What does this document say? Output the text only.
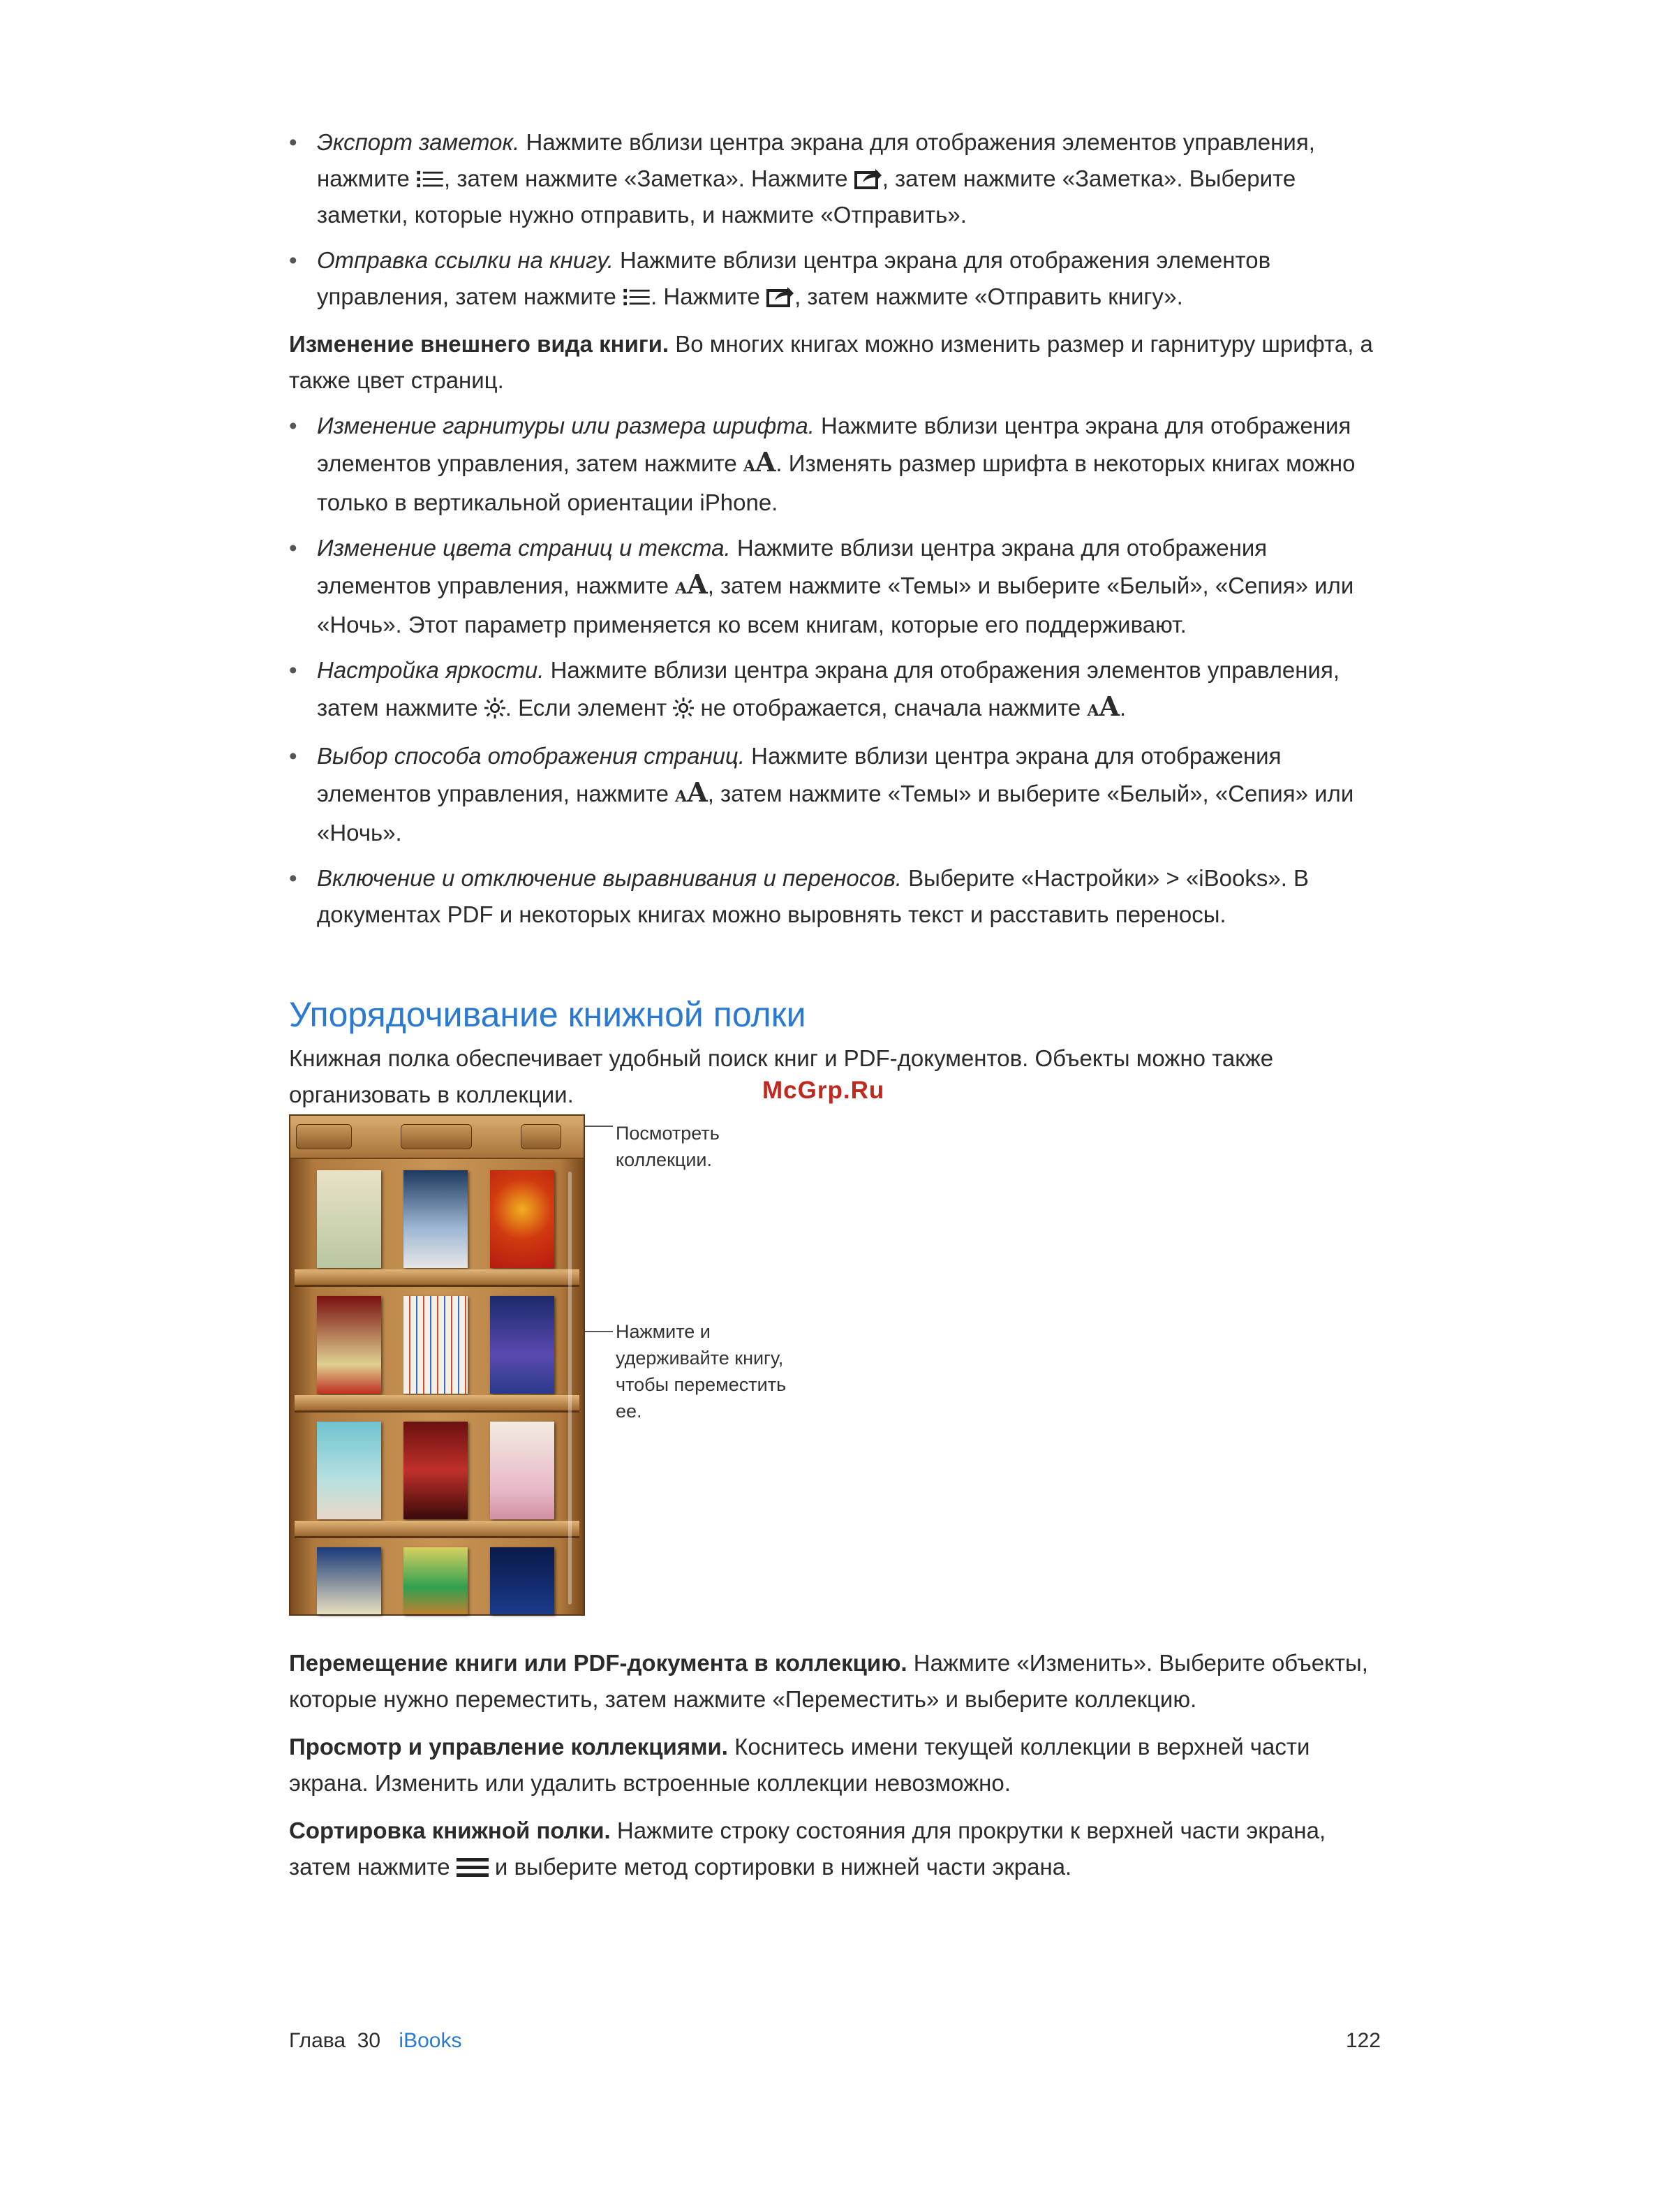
• Экспорт заметок. Нажмите вблизи центра экрана для отображения элементов управления, нажмите , затем нажмите «Заметка». Нажмите , затем нажмите «Заметка». Выберите заметки, которые нужно отправить, и нажмите «Отправить».

• Отправка ссылки на книгу. Нажмите вблизи центра экрана для отображения элементов управления, затем нажмите . Нажмите , затем нажмите «Отправить книгу».

Изменение внешнего вида книги. Во многих книгах можно изменить размер и гарнитуру шрифта, а также цвет страниц.

• Изменение гарнитуры или размера шрифта. Нажмите вблизи центра экрана для отображения элементов управления, затем нажмите AA. Изменять размер шрифта в некоторых книгах можно только в вертикальной ориентации iPhone.

• Изменение цвета страниц и текста. Нажмите вблизи центра экрана для отображения элементов управления, нажмите AA, затем нажмите «Темы» и выберите «Белый», «Сепия» или «Ночь». Этот параметр применяется ко всем книгам, которые его поддерживают.

• Настройка яркости. Нажмите вблизи центра экрана для отображения элементов управления, затем нажмите . Если элемент  не отображается, сначала нажмите AA.

• Выбор способа отображения страниц. Нажмите вблизи центра экрана для отображения элементов управления, нажмите AA, затем нажмите «Темы» и выберите «Белый», «Сепия» или «Ночь».

• Включение и отключение выравнивания и переносов. Выберите «Настройки» > «iBooks». В документах PDF и некоторых книгах можно выровнять текст и расставить переносы.

Упорядочивание книжной полки

Книжная полка обеспечивает удобный поиск книг и PDF-документов. Объекты можно также организовать в коллекции.	McGrp.Ru
Посмотреть коллекции.
Нажмите и удерживайте книгу, чтобы переместить ее.

Перемещение книги или PDF-документа в коллекцию. Нажмите «Изменить». Выберите объекты, которые нужно переместить, затем нажмите «Переместить» и выберите коллекцию.

Просмотр и управление коллекциями. Коснитесь имени текущей коллекции в верхней части экрана. Изменить или удалить встроенные коллекции невозможно.

Сортировка книжной полки. Нажмите строку состояния для прокрутки к верхней части экрана, затем нажмите  и выберите метод сортировки в нижней части экрана.

Глава  30 iBooks	122
